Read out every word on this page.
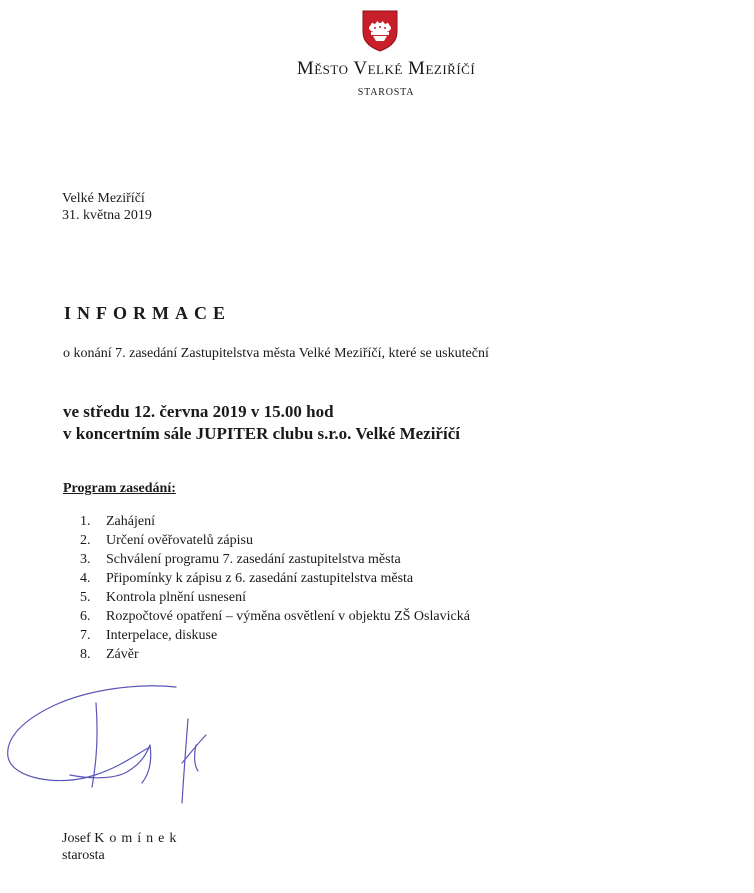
Město Velké Meziříčí
STAROSTA
Velké Meziříčí
31. května 2019
INFORMACE
o konání 7. zasedání Zastupitelstva města Velké Meziříčí, které se uskuteční
ve středu 12. června 2019 v 15.00 hod
v koncertním sále JUPITER clubu s.r.o. Velké Meziříčí
Program zasedání:
1.	Zahájení
2.	Určení ověřovatelů zápisu
3.	Schválení programu 7. zasedání zastupitelstva města
4.	Připomínky k zápisu z 6. zasedání zastupitelstva města
5.	Kontrola plnění usnesení
6.	Rozpočtové opatření – výměna osvětlení v objektu ZŠ Oslavická
7.	Interpelace, diskuse
8.	Závěr
Josef Komínek
starosta
